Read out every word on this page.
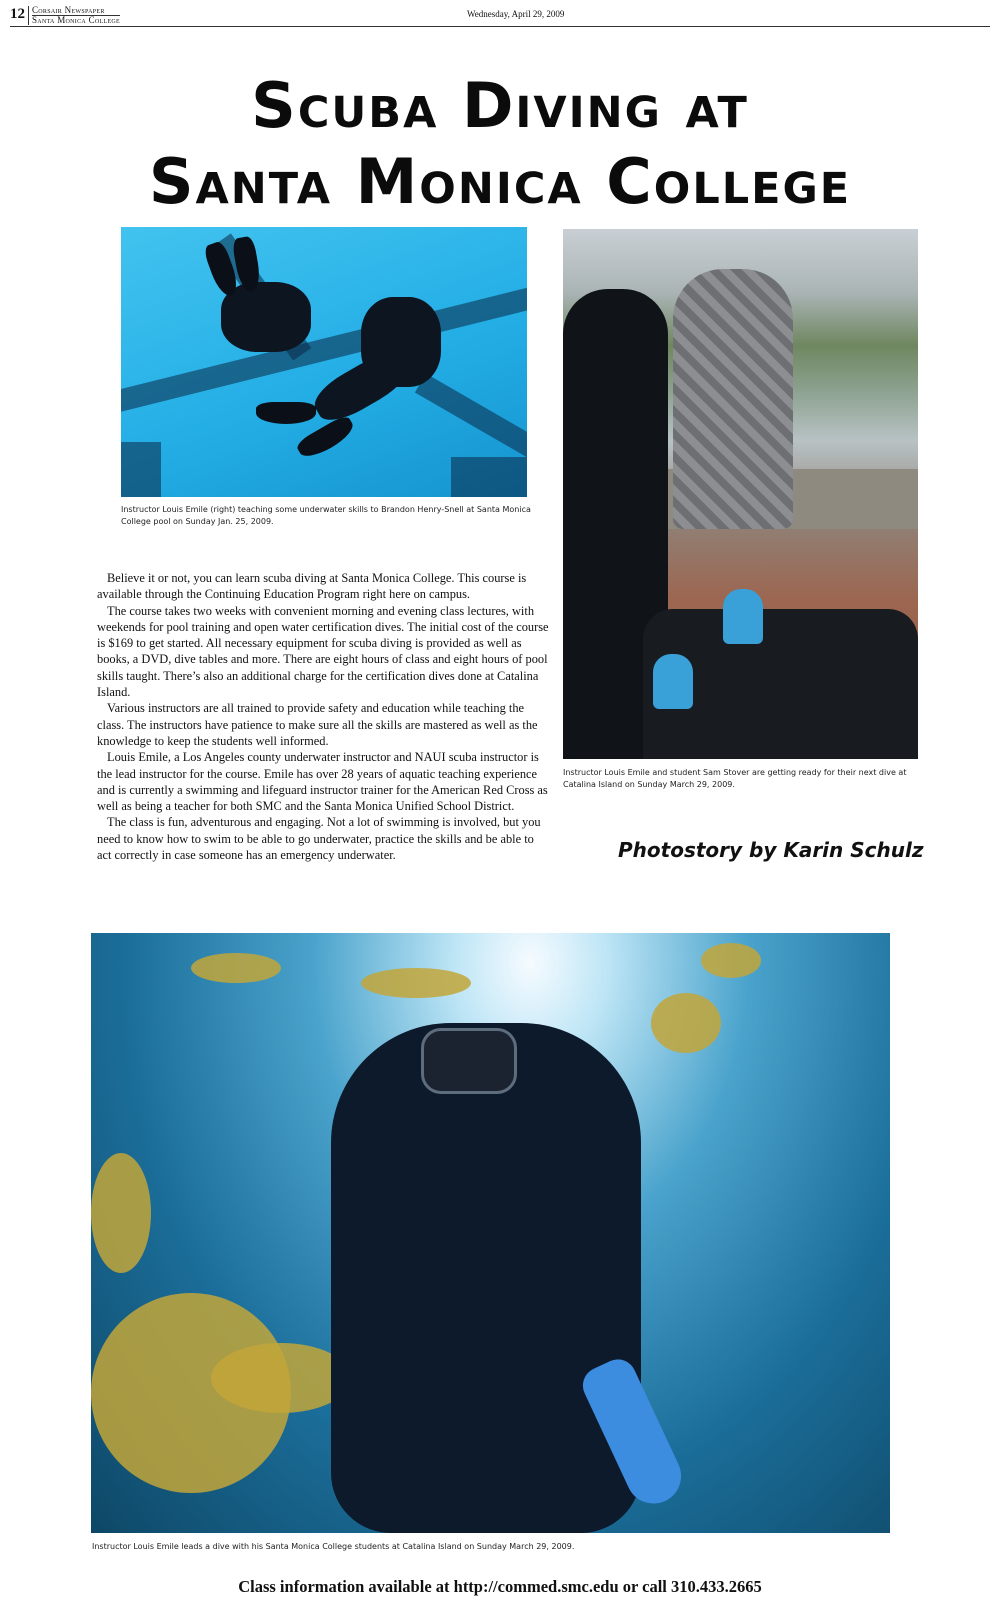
12 Corsair Newspaper
Santa Monica College
Wednesday, April 29, 2009
Scuba Diving at
Santa Monica College
Instructor Louis Emile (right) teaching some underwater skills to Brandon Henry-Snell at Santa Monica College pool on Sunday Jan. 25, 2009.
Instructor Louis Emile and student Sam Stover are getting ready for their next dive at Catalina Island on Sunday March 29, 2009.

Believe it or not, you can learn scuba diving at Santa Monica College. This course is available through the Continuing Education Program right here on campus.

The course takes two weeks with convenient morning and evening class lectures, with weekends for pool training and open water certification dives. The initial cost of the course is $169 to get started. All necessary equipment for scuba diving is provided as well as books, a DVD, dive tables and more. There are eight hours of class and eight hours of pool skills taught. There’s also an additional charge for the certification dives done at Catalina Island.

Various instructors are all trained to provide safety and education while teaching the class. The instructors have patience to make sure all the skills are mastered as well as the knowledge to keep the students well informed.

Louis Emile, a Los Angeles county underwater instructor and NAUI scuba instructor is the lead instructor for the course. Emile has over 28 years of aquatic teaching experience and is currently a swimming and lifeguard instructor trainer for the American Red Cross as well as being a teacher for both SMC and the Santa Monica Unified School District.

The class is fun, adventurous and engaging. Not a lot of swimming is involved, but you need to know how to swim to be able to go underwater, practice the skills and be able to act correctly in case someone has an emergency underwater.	Photostory by Karin Schulz
Instructor Louis Emile leads a dive with his Santa Monica College students at Catalina Island on Sunday March 29, 2009.
Class information available at http://commed.smc.edu or call 310.433.2665
